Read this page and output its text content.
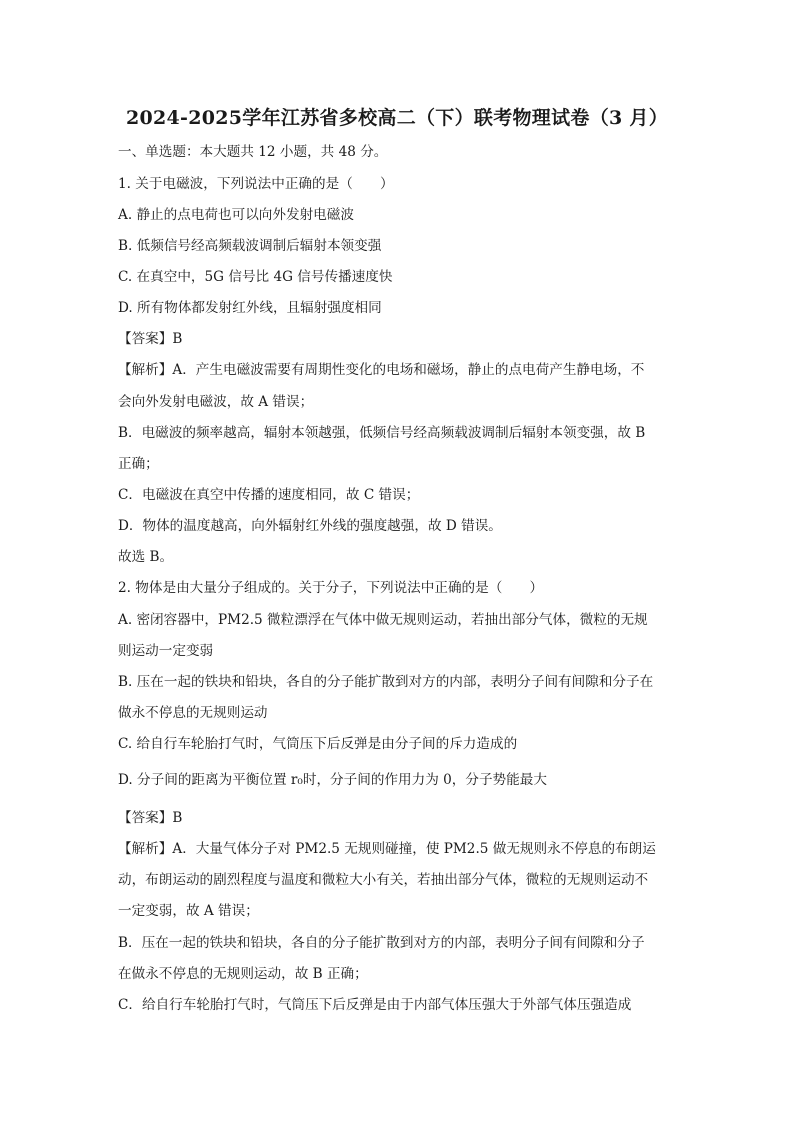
2024-2025学年江苏省多校高二（下）联考物理试卷（3 月）
一、单选题：本大题共 12 小题，共 48 分。
1. 关于电磁波，下列说法中正确的是（　　）
A. 静止的点电荷也可以向外发射电磁波
B. 低频信号经高频载波调制后辐射本领变强
C. 在真空中，5G 信号比 4G 信号传播速度快
D. 所有物体都发射红外线，且辐射强度相同
【答案】B
【解析】A．产生电磁波需要有周期性变化的电场和磁场，静止的点电荷产生静电场，不
会向外发射电磁波，故 A 错误；
B．电磁波的频率越高，辐射本领越强，低频信号经高频载波调制后辐射本领变强，故 B
正确；
C．电磁波在真空中传播的速度相同，故 C 错误；
D．物体的温度越高，向外辐射红外线的强度越强，故 D 错误。
故选 B。
2. 物体是由大量分子组成的。关于分子，下列说法中正确的是（　　）
A. 密闭容器中，PM2.5 微粒漂浮在气体中做无规则运动，若抽出部分气体，微粒的无规
则运动一定变弱
B. 压在一起的铁块和铅块，各自的分子能扩散到对方的内部，表明分子间有间隙和分子在
做永不停息的无规则运动
C. 给自行车轮胎打气时，气筒压下后反弹是由分子间的斥力造成的
D. 分子间的距离为平衡位置 r₀时，分子间的作用力为 0，分子势能最大
【答案】B
【解析】A．大量气体分子对 PM2.5 无规则碰撞，使 PM2.5 做无规则永不停息的布朗运
动，布朗运动的剧烈程度与温度和微粒大小有关，若抽出部分气体，微粒的无规则运动不
一定变弱，故 A 错误；
B．压在一起的铁块和铅块，各自的分子能扩散到对方的内部，表明分子间有间隙和分子
在做永不停息的无规则运动，故 B 正确；
C．给自行车轮胎打气时，气筒压下后反弹是由于内部气体压强大于外部气体压强造成
